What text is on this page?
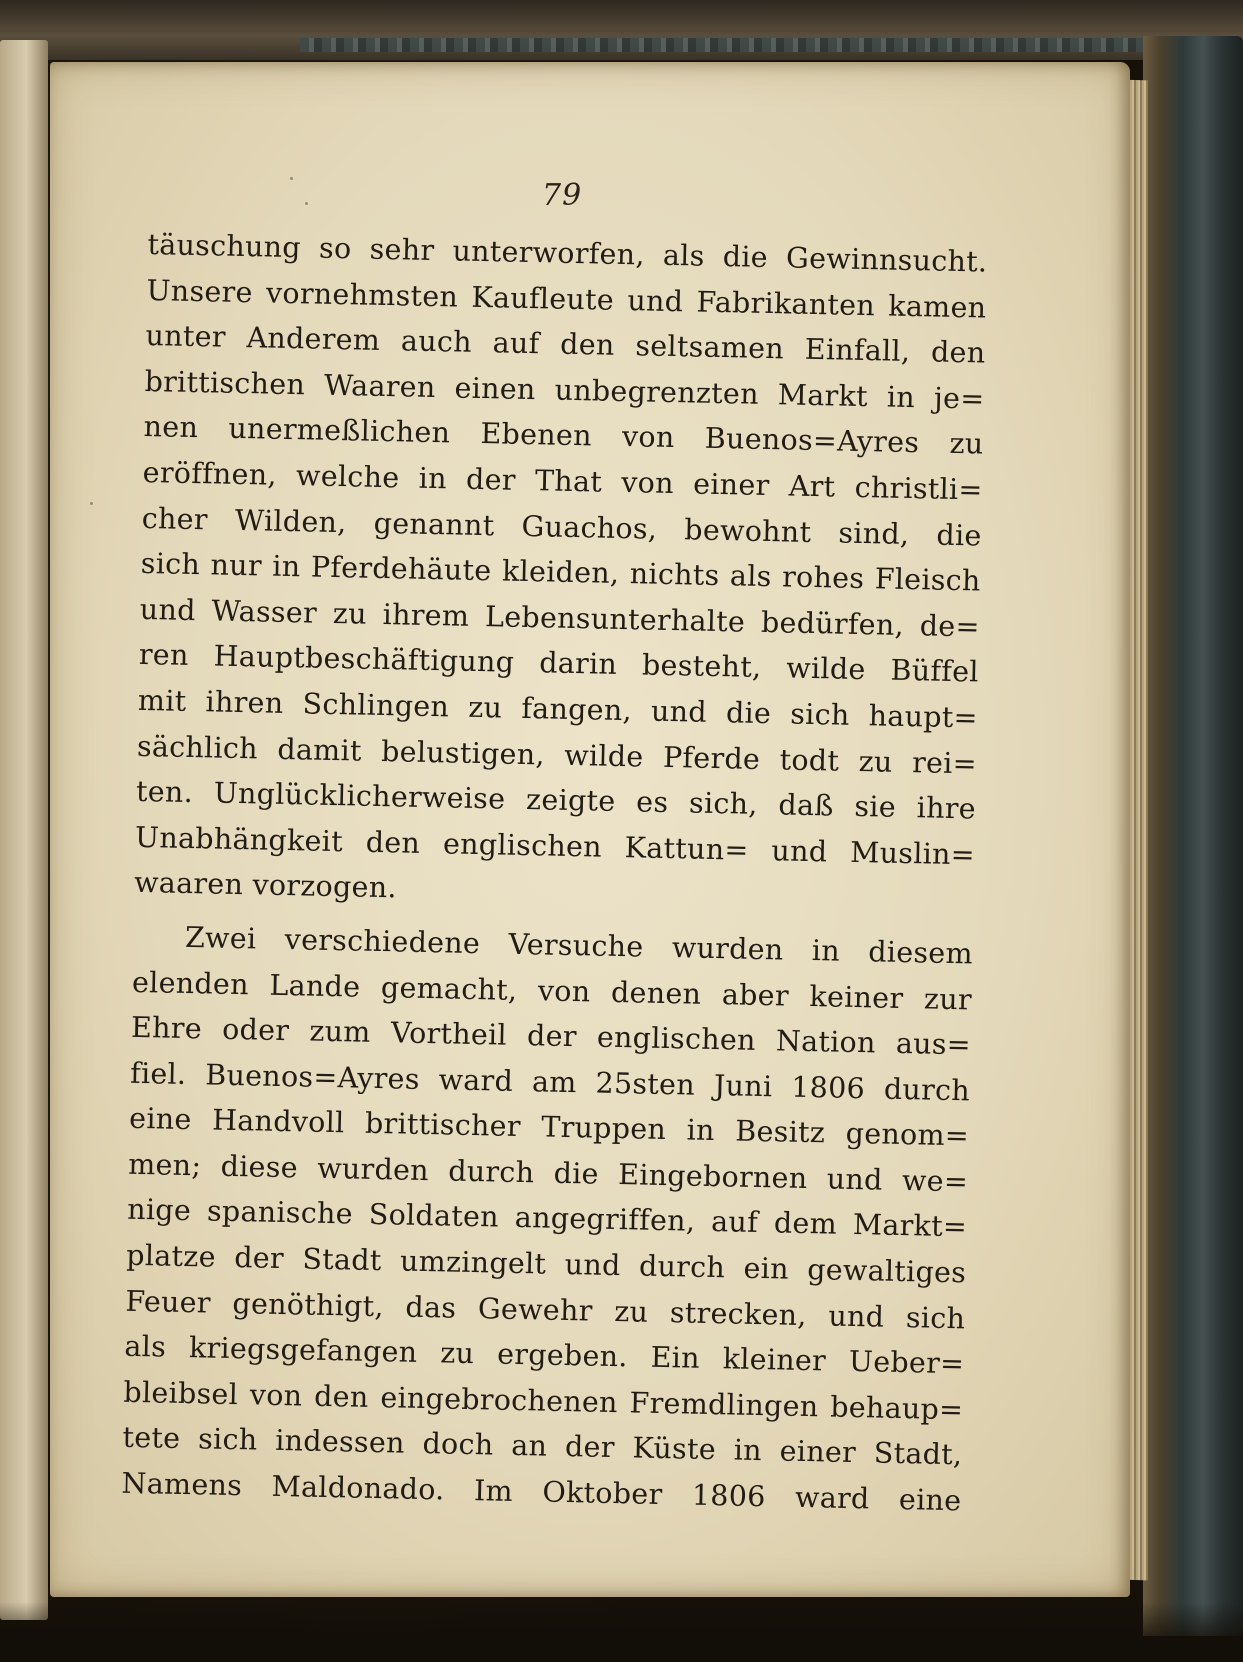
79
täuschung so sehr unterworfen, als die Gewinnsucht.
Unsere vornehmsten Kaufleute und Fabrikanten kamen
unter Anderem auch auf den seltsamen Einfall, den
brittischen Waaren einen unbegrenzten Markt in je=
nen unermeßlichen Ebenen von Buenos=Ayres zu
eröffnen, welche in der That von einer Art christli=
cher Wilden, genannt Guachos, bewohnt sind, die
sich nur in Pferdehäute kleiden, nichts als rohes Fleisch
und Wasser zu ihrem Lebensunterhalte bedürfen, de=
ren Hauptbeschäftigung darin besteht, wilde Büffel
mit ihren Schlingen zu fangen, und die sich haupt=
sächlich damit belustigen, wilde Pferde todt zu rei=
ten. Unglücklicherweise zeigte es sich, daß sie ihre
Unabhängkeit den englischen Kattun= und Muslin=
waaren vorzogen.
Zwei verschiedene Versuche wurden in diesem
elenden Lande gemacht, von denen aber keiner zur
Ehre oder zum Vortheil der englischen Nation aus=
fiel. Buenos=Ayres ward am 25sten Juni 1806 durch
eine Handvoll brittischer Truppen in Besitz genom=
men; diese wurden durch die Eingebornen und we=
nige spanische Soldaten angegriffen, auf dem Markt=
platze der Stadt umzingelt und durch ein gewaltiges
Feuer genöthigt, das Gewehr zu strecken, und sich
als kriegsgefangen zu ergeben. Ein kleiner Ueber=
bleibsel von den eingebrochenen Fremdlingen behaup=
tete sich indessen doch an der Küste in einer Stadt,
Namens Maldonado. Im Oktober 1806 ward eine
